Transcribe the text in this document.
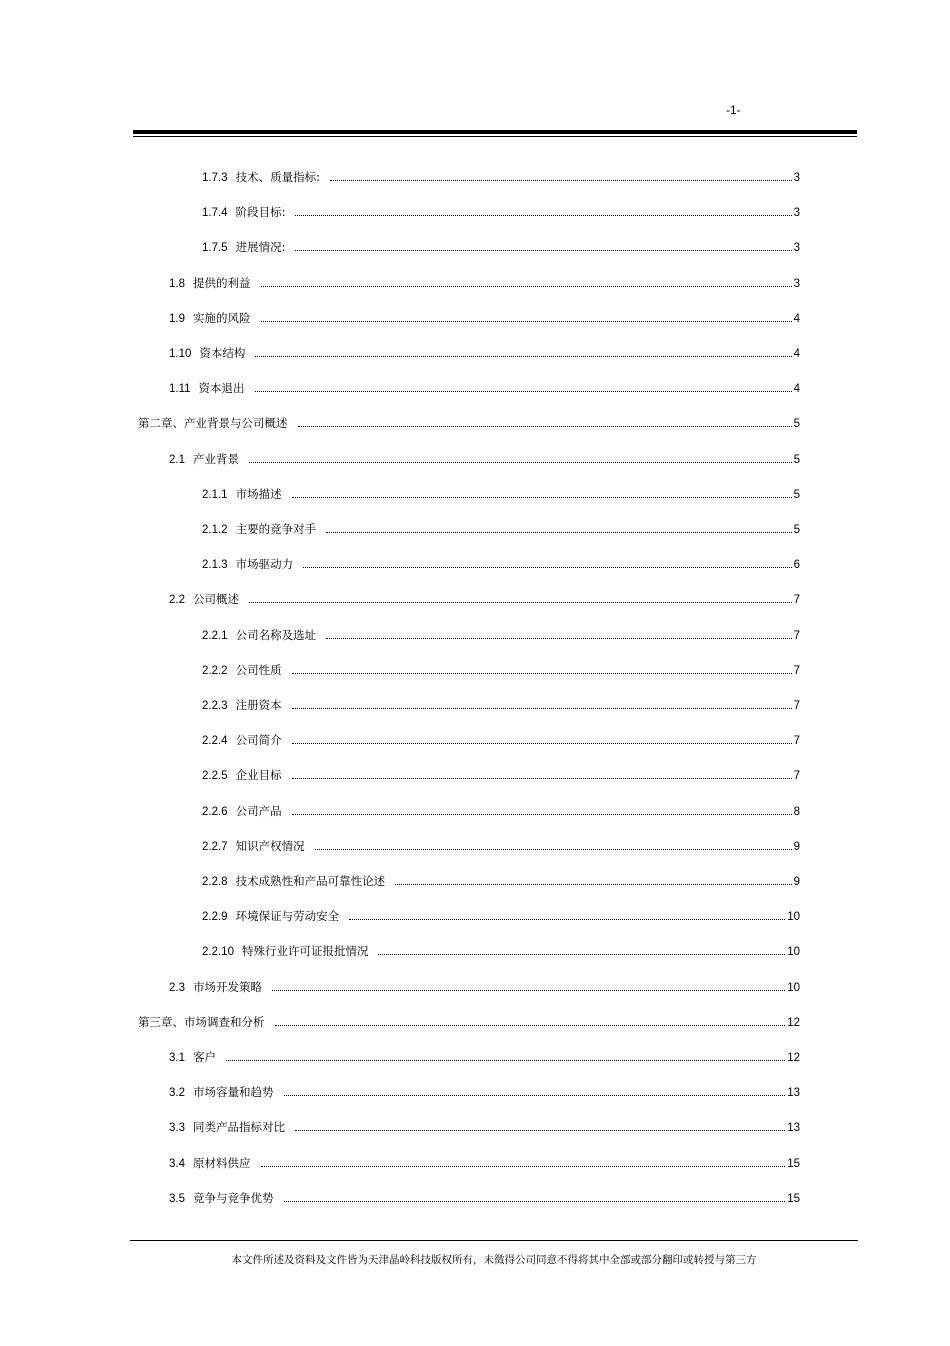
-1-
1.7.3 技术、质量指标:	3
1.7.4 阶段目标:	3
1.7.5 进展情况:	3
1.8 提供的利益	3
1.9 实施的风险	4
1.10 资本结构	4
1.11 资本退出	4
第二章、产业背景与公司概述	5
2.1 产业背景	5
2.1.1 市场描述	5
2.1.2 主要的竞争对手	5
2.1.3 市场驱动力	6
2.2 公司概述	7
2.2.1 公司名称及选址	7
2.2.2 公司性质	7
2.2.3 注册资本	7
2.2.4 公司简介	7
2.2.5 企业目标	7
2.2.6 公司产品	8
2.2.7 知识产权情况	9
2.2.8 技术成熟性和产品可靠性论述	9
2.2.9 环境保证与劳动安全	10
2.2.10 特殊行业许可证报批情况	10
2.3 市场开发策略	10
第三章、市场调查和分析	12
3.1 客户	12
3.2 市场容量和趋势	13
3.3 同类产品指标对比	13
3.4 原材料供应	15
3.5 竞争与竞争优势	15
本文件所述及资料及文件皆为天津晶岭科技版权所有，未徵得公司同意不得将其中全部或部分翻印或转授与第三方
